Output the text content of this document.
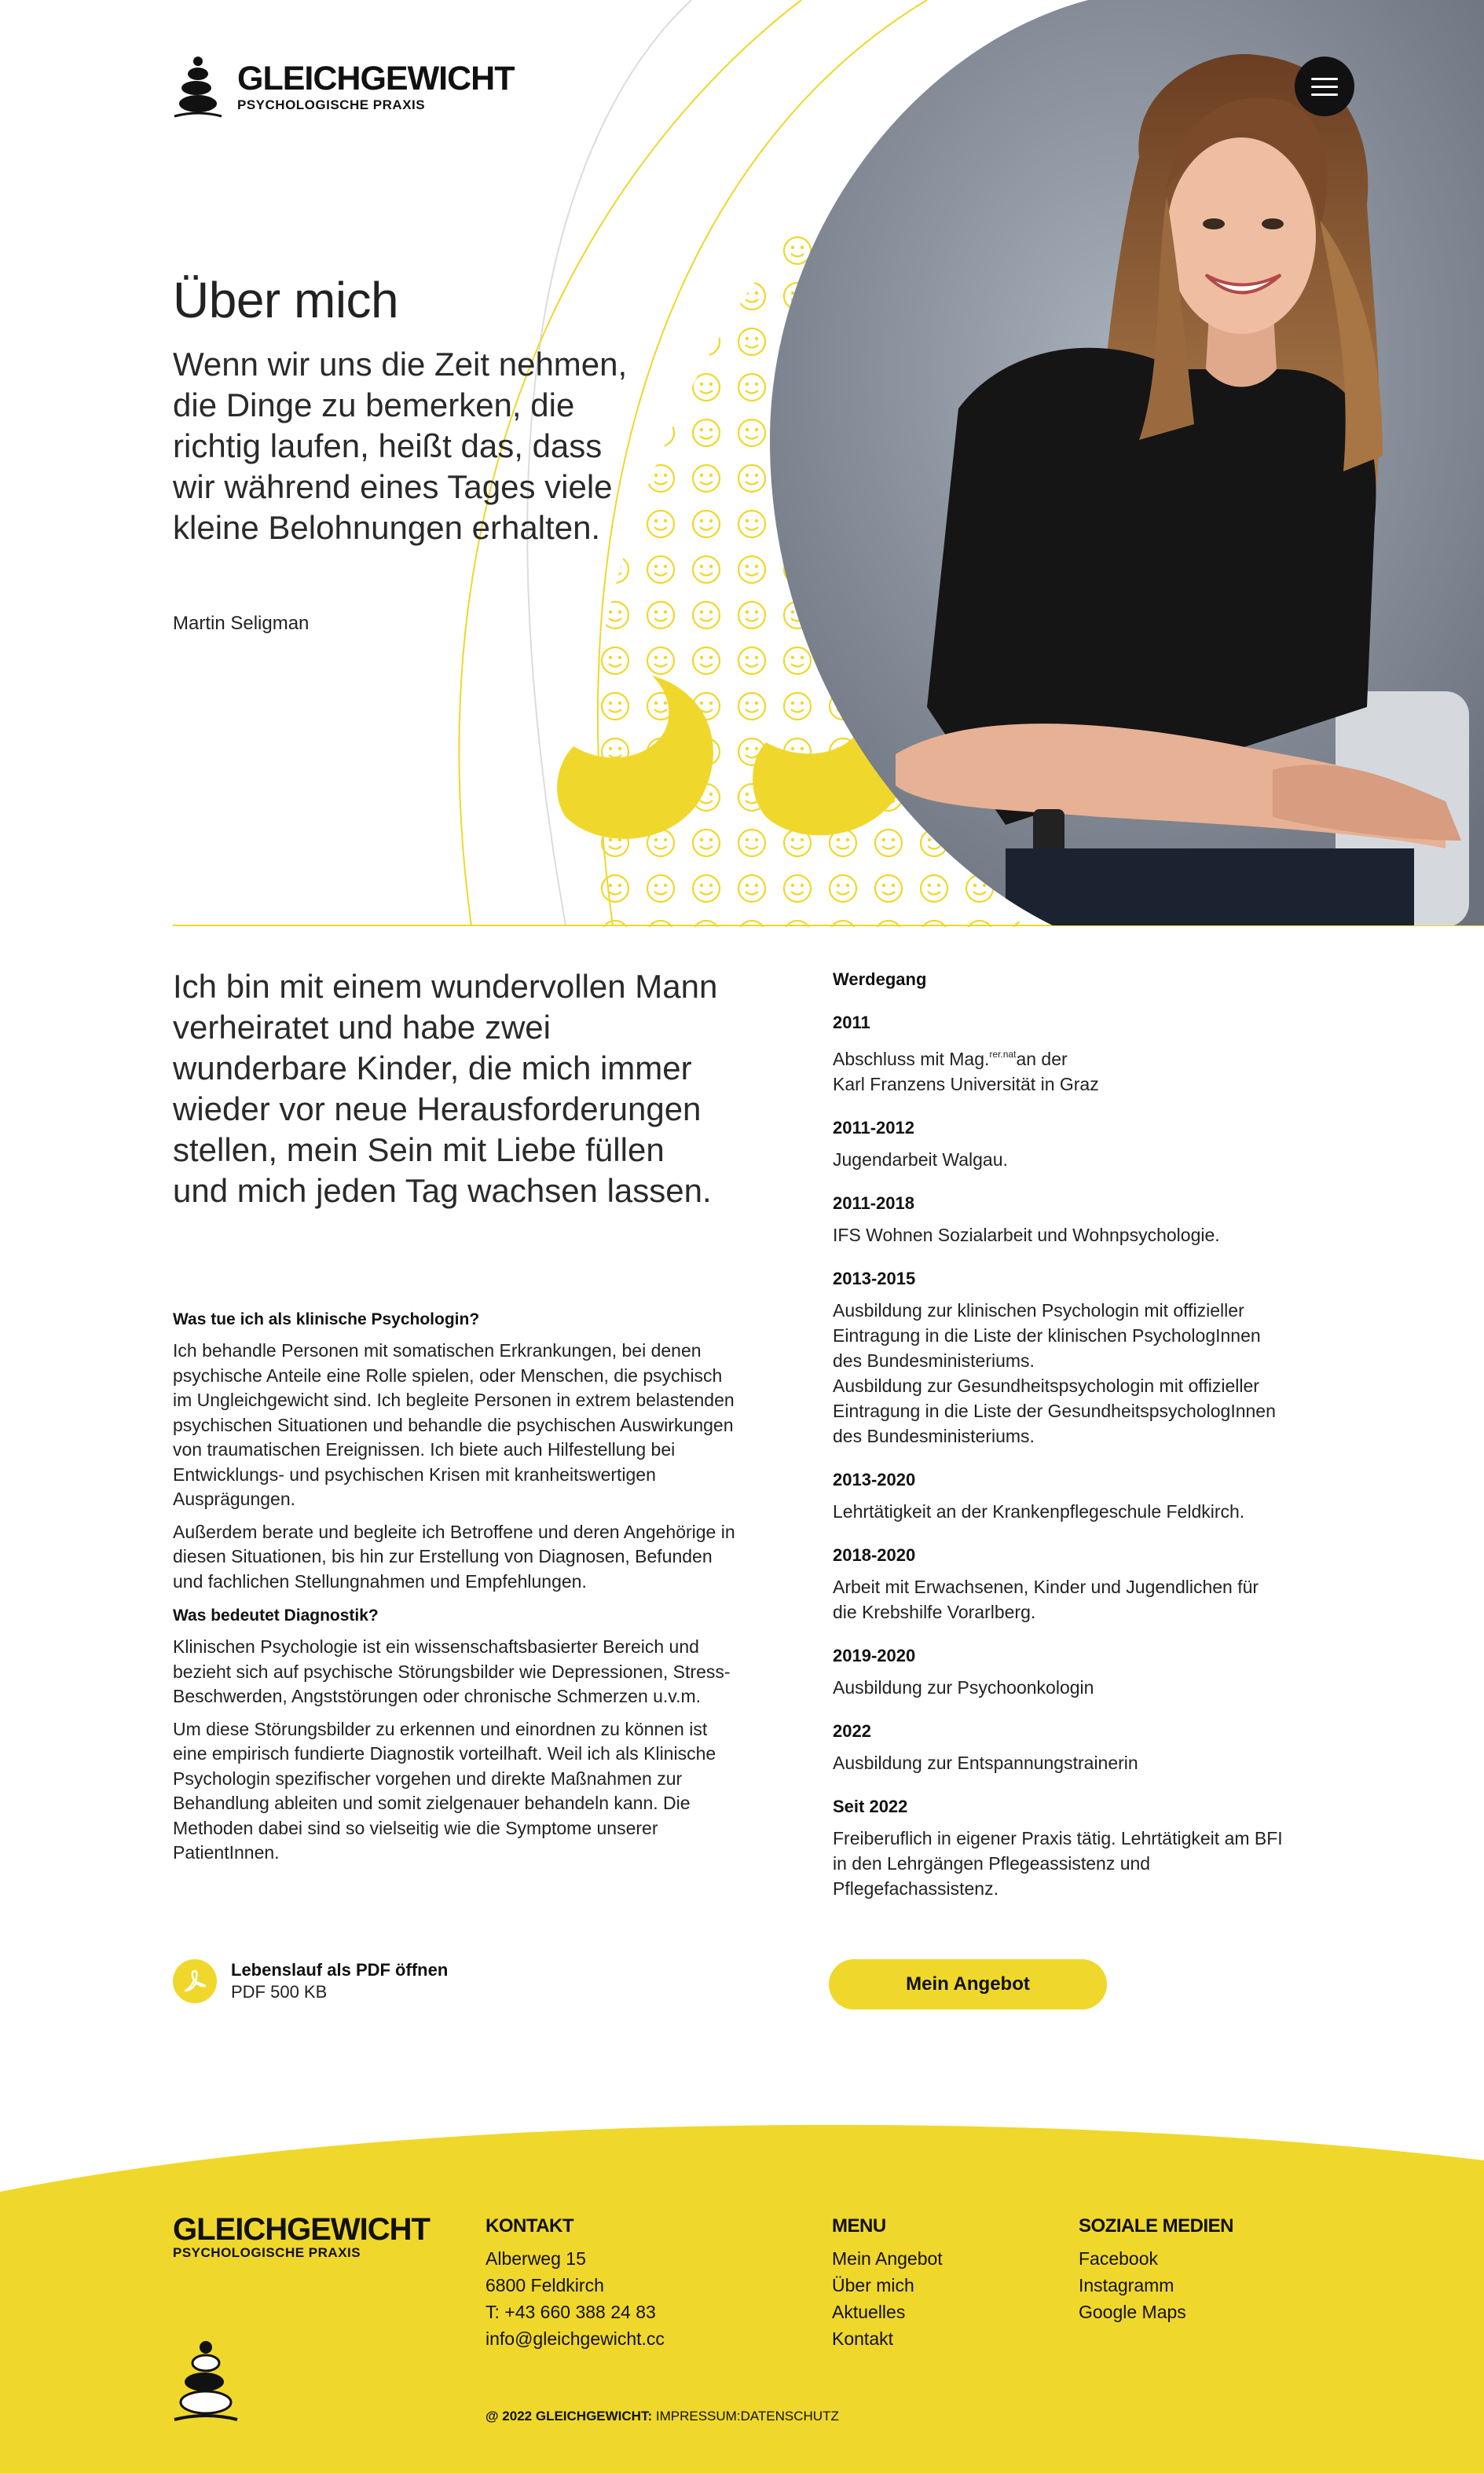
GLEICHGEWICHT
PSYCHOLOGISCHE PRAXIS
Über mich

Wenn wir uns die Zeit nehmen, die Dinge zu bemerken, die richtig laufen, heißt das, dass wir während eines Tages viele kleine Belohnungen erhalten.

Martin Seligman

Ich bin mit einem wundervollen Mann verheiratet und habe zwei wunderbare Kinder, die mich immer wieder vor neue Herausforderungen stellen, mein Sein mit Liebe füllen und mich jeden Tag wachsen lassen.

Was tue ich als klinische Psychologin?

Ich behandle Personen mit somatischen Erkrankungen, bei denen psychische Anteile eine Rolle spielen, oder Menschen, die psychisch im Ungleichgewicht sind. Ich begleite Personen in extrem belastenden psychischen Situationen und behandle die psychischen Auswirkungen von traumatischen Ereignissen. Ich biete auch Hilfestellung bei Entwicklungs- und psychischen Krisen mit kranheitswertigen Ausprägungen.

Außerdem berate und begleite ich Betroffene und deren Angehörige in diesen Situationen, bis hin zur Erstellung von Diagnosen, Befunden und fachlichen Stellungnahmen und Empfehlungen.

Was bedeutet Diagnostik?

Klinischen Psychologie ist ein wissenschaftsbasierter Bereich und bezieht sich auf psychische Störungsbilder wie Depressionen, Stress-Beschwerden, Angststörungen oder chronische Schmerzen u.v.m.

Um diese Störungsbilder zu erkennen und einordnen zu können ist eine empirisch fundierte Diagnostik vorteilhaft. Weil ich als Klinische Psychologin spezifischer vorgehen und direkte Maßnahmen zur Behandlung ableiten und somit zielgenauer behandeln kann. Die Methoden dabei sind so vielseitig wie die Symptome unserer PatientInnen.

Lebenslauf als PDF öffnen
PDF 500 KB
Werdegang
2011
Abschluss mit Mag.$^{rer.nat}$an der
Karl Franzens Universität in Graz
2011-2012
Jugendarbeit Walgau.
2011-2018
IFS Wohnen Sozialarbeit und Wohnpsychologie.
2013-2015
Ausbildung zur klinischen Psychologin mit offizieller
Eintragung in die Liste der klinischen PsychologInnen
des Bundesministeriums.
Ausbildung zur Gesundheitspsychologin mit offizieller
Eintragung in die Liste der GesundheitspsychologInnen
des Bundesministeriums.
2013-2020
Lehrtätigkeit an der Krankenpflegeschule Feldkirch.
2018-2020
Arbeit mit Erwachsenen, Kinder und Jugendlichen für
die Krebshilfe Vorarlberg.
2019-2020
Ausbildung zur Psychoonkologin
2022
Ausbildung zur Entspannungstrainerin
Seit 2022
Freiberuflich in eigener Praxis tätig. Lehrtätigkeit am BFI
in den Lehrgängen Pflegeassistenz und
Pflegefachassistenz.
Mein Angebot
GLEICHGEWICHT
PSYCHOLOGISCHE PRAXIS
KONTAKT
Alberweg 15
6800 Feldkirch
T: +43 660 388 24 83
info@gleichgewicht.cc
MENU
Mein Angebot
Über mich
Aktuelles
Kontakt
SOZIALE MEDIEN
Facebook
Instagramm
Google Maps
@ 2022 GLEICHGEWICHT: IMPRESSUM:DATENSCHUTZ
